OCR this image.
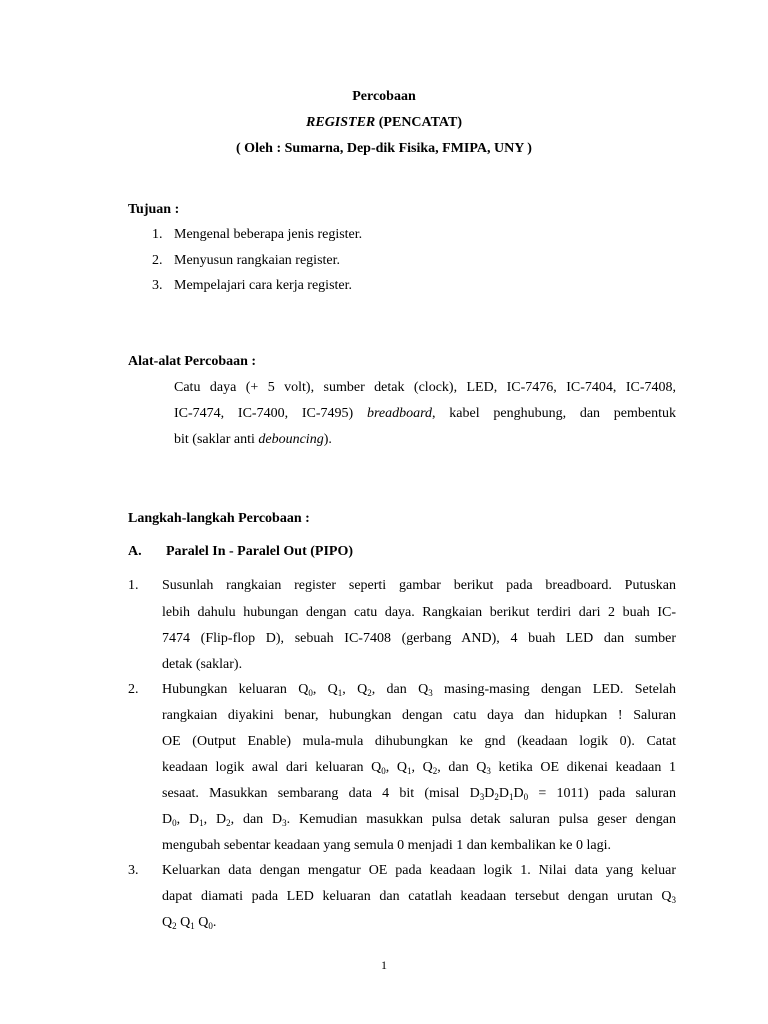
Percobaan
REGISTER (PENCATAT)
( Oleh : Sumarna, Dep-dik Fisika, FMIPA, UNY )
Tujuan :
1. Mengenal beberapa jenis register.
2. Menyusun rangkaian register.
3. Mempelajari cara kerja register.
Alat-alat Percobaan :
Catu daya (+ 5 volt), sumber detak (clock), LED, IC-7476, IC-7404, IC-7408,
IC-7474, IC-7400, IC-7495) breadboard, kabel penghubung, dan pembentuk
bit (saklar anti debouncing).
Langkah-langkah Percobaan :
A. Paralel In - Paralel Out (PIPO)
1. Susunlah rangkaian register seperti gambar berikut pada breadboard. Putuskan
lebih dahulu hubungan dengan catu daya. Rangkaian berikut terdiri dari 2 buah IC-
7474 (Flip-flop D), sebuah IC-7408 (gerbang AND), 4 buah LED dan sumber
detak (saklar).
2. Hubungkan keluaran $Q_0$, $Q_1$, $Q_2$, dan $Q_3$ masing-masing dengan LED. Setelah
rangkaian diyakini benar, hubungkan dengan catu daya dan hidupkan ! Saluran
OE (Output Enable) mula-mula dihubungkan ke gnd (keadaan logik 0). Catat
keadaan logik awal dari keluaran $Q_0$, $Q_1$, $Q_2$, dan $Q_3$ ketika OE dikenai keadaan 1
sesaat. Masukkan sembarang data 4 bit (misal $D_3D_2D_1D_0 = 1011$) pada saluran
$D_0$, $D_1$, $D_2$, dan $D_3$. Kemudian masukkan pulsa detak saluran pulsa geser dengan
mengubah sebentar keadaan yang semula 0 menjadi 1 dan kembalikan ke 0 lagi.
3. Keluarkan data dengan mengatur OE pada keadaan logik 1. Nilai data yang keluar
dapat diamati pada LED keluaran dan catatlah keadaan tersebut dengan urutan $Q_3$
$Q_2$ $Q_1$ $Q_0$.
1
